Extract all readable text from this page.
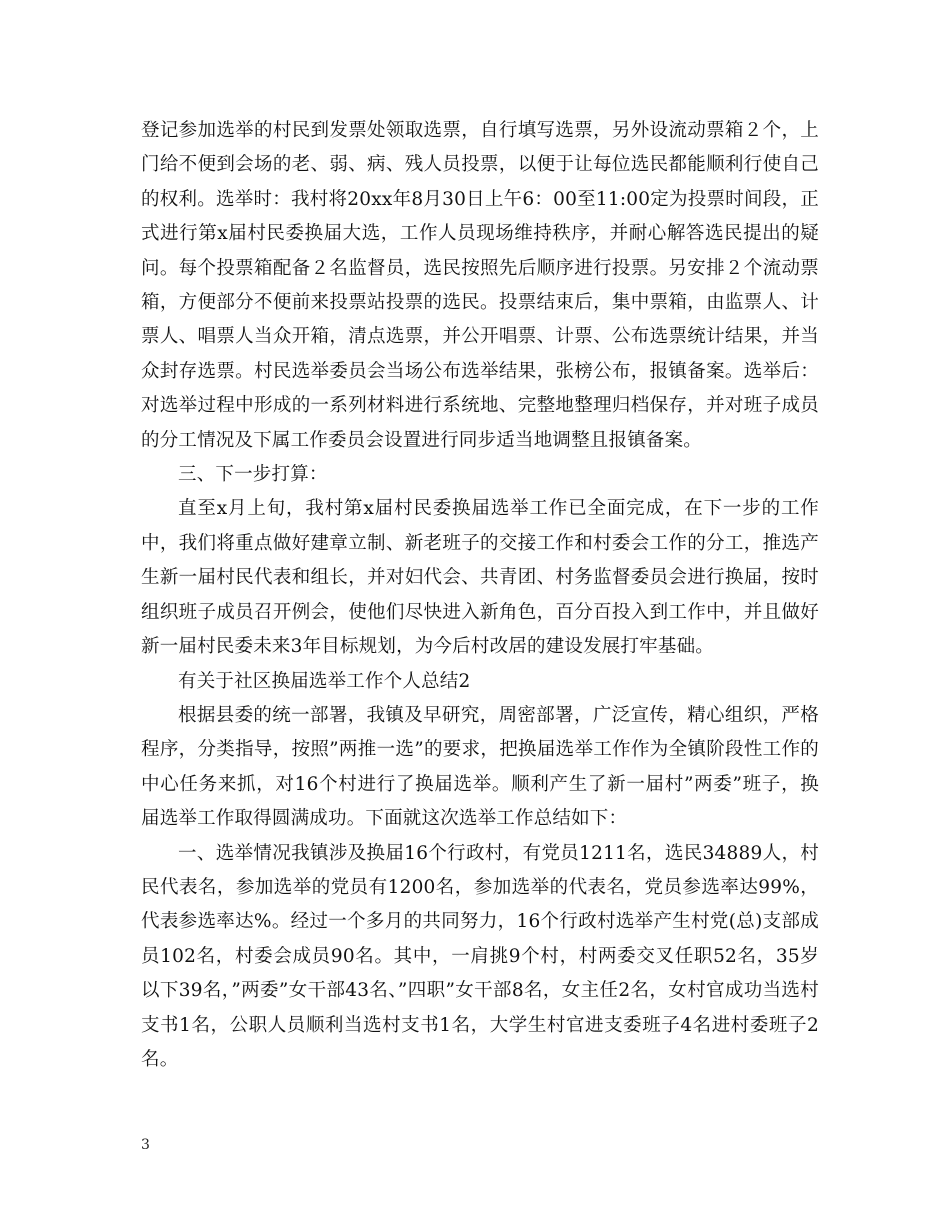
登记参加选举的村民到发票处领取选票，自行填写选票，另外设流动票箱２个，上门给不便到会场的老、弱、病、残人员投票，以便于让每位选民都能顺利行使自己的权利。选举时：我村将20xx年8月30日上午6：00至11:00定为投票时间段，正式进行第x届村民委换届大选，工作人员现场维持秩序，并耐心解答选民提出的疑问。每个投票箱配备２名监督员，选民按照先后顺序进行投票。另安排２个流动票箱，方便部分不便前来投票站投票的选民。投票结束后，集中票箱，由监票人、计票人、唱票人当众开箱，清点选票，并公开唱票、计票、公布选票统计结果，并当众封存选票。村民选举委员会当场公布选举结果，张榜公布，报镇备案。选举后：对选举过程中形成的一系列材料进行系统地、完整地整理归档保存，并对班子成员的分工情况及下属工作委员会设置进行同步适当地调整且报镇备案。

三、下一步打算：

直至x月上旬，我村第x届村民委换届选举工作已全面完成，在下一步的工作中，我们将重点做好建章立制、新老班子的交接工作和村委会工作的分工，推选产生新一届村民代表和组长，并对妇代会、共青团、村务监督委员会进行换届，按时组织班子成员召开例会，使他们尽快进入新角色，百分百投入到工作中，并且做好新一届村民委未来3年目标规划，为今后村改居的建设发展打牢基础。

有关于社区换届选举工作个人总结2

根据县委的统一部署，我镇及早研究，周密部署，广泛宣传，精心组织，严格程序，分类指导，按照”两推一选”的要求，把换届选举工作作为全镇阶段性工作的中心任务来抓，对16个村进行了换届选举。顺利产生了新一届村”两委”班子，换届选举工作取得圆满成功。下面就这次选举工作总结如下：

一、选举情况我镇涉及换届16个行政村，有党员1211名，选民34889人，村民代表名，参加选举的党员有1200名，参加选举的代表名，党员参选率达99%，代表参选率达%。经过一个多月的共同努力，16个行政村选举产生村党(总)支部成员102名，村委会成员90名。其中，一肩挑9个村，村两委交叉任职52名，35岁以下39名，”两委”女干部43名、”四职”女干部8名，女主任2名，女村官成功当选村支书1名，公职人员顺利当选村支书1名，大学生村官进支委班子4名进村委班子2名。

3
